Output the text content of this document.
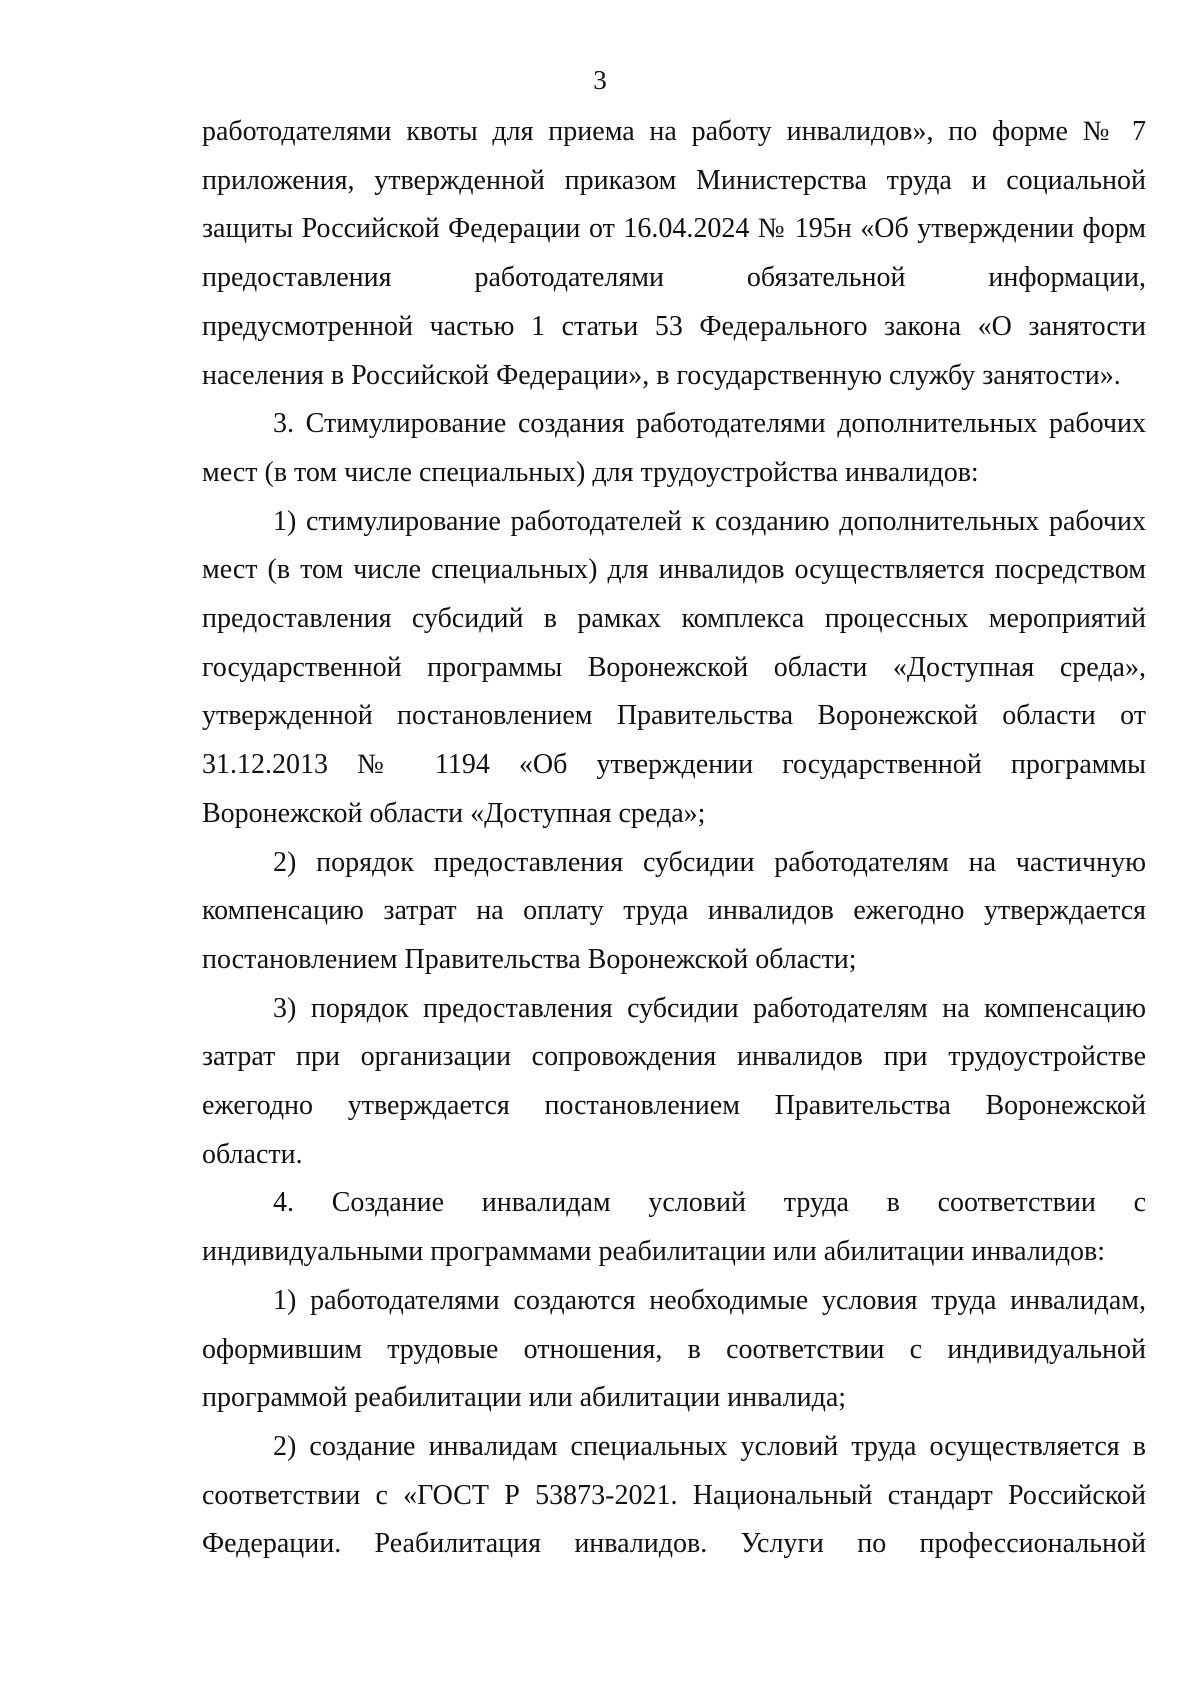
3
работодателями квоты для приема на работу инвалидов», по форме № 7
приложения, утвержденной приказом Министерства труда и социальной
защиты Российской Федерации от 16.04.2024 № 195н «Об утверждении форм
предоставления работодателями обязательной информации,
предусмотренной частью 1 статьи 53 Федерального закона «О занятости
населения в Российской Федерации», в государственную службу занятости».
3. Стимулирование создания работодателями дополнительных рабочих
мест (в том числе специальных) для трудоустройства инвалидов:
1) стимулирование работодателей к созданию дополнительных рабочих
мест (в том числе специальных) для инвалидов осуществляется посредством
предоставления субсидий в рамках комплекса процессных мероприятий
государственной программы Воронежской области «Доступная среда»,
утвержденной постановлением Правительства Воронежской области от
31.12.2013 № 1194 «Об утверждении государственной программы
Воронежской области «Доступная среда»;
2) порядок предоставления субсидии работодателям на частичную
компенсацию затрат на оплату труда инвалидов ежегодно утверждается
постановлением Правительства Воронежской области;
3) порядок предоставления субсидии работодателям на компенсацию
затрат при организации сопровождения инвалидов при трудоустройстве
ежегодно утверждается постановлением Правительства Воронежской
области.
4. Создание инвалидам условий труда в соответствии с
индивидуальными программами реабилитации или абилитации инвалидов:
1) работодателями создаются необходимые условия труда инвалидам,
оформившим трудовые отношения, в соответствии с индивидуальной
программой реабилитации или абилитации инвалида;
2) создание инвалидам специальных условий труда осуществляется в
соответствии с «ГОСТ Р 53873-2021. Национальный стандарт Российской
Федерации. Реабилитация инвалидов. Услуги по профессиональной
